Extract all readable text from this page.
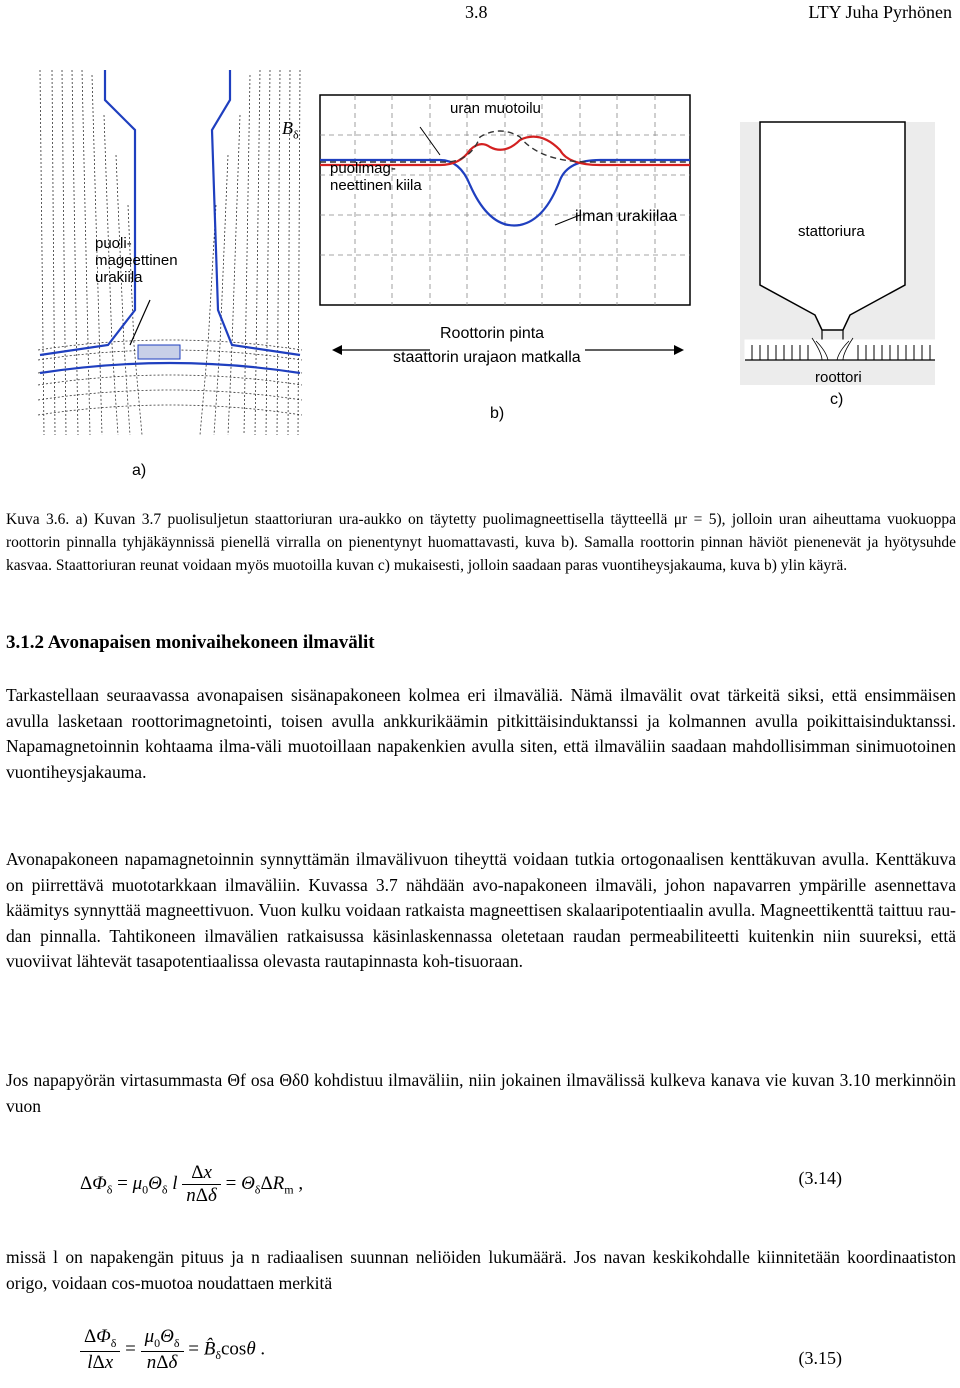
3.8	LTY Juha Pyrhönen
puoli-
mageettinen
urakiila
$B_\delta$
uran muotoilu
puolimag-
neettinen kiila
ilman urakiilaa
Roottorin pinta
staattorin urajaon matkalla
stattoriura
roottori
a)
b)
c)
Kuva 3.6. a) Kuvan 3.7 puolisuljetun staattoriuran ura-aukko on täytetty puolimagneettisella täytteellä μr = 5), jolloin uran aiheuttama vuokuoppa roottorin pinnalla tyhjäkäynnissä pienellä virralla on pienentynyt huomattavasti, kuva b). Samalla roottorin pinnan häviöt pienenevät ja hyötysuhde kasvaa. Staattoriuran reunat voidaan myös muotoilla kuvan c) mukaisesti, jolloin saadaan paras vuontiheysjakauma, kuva b) ylin käyrä.
3.1.2 Avonapaisen monivaihekoneen ilmavälit
Tarkastellaan seuraavassa avonapaisen sisänapakoneen kolmea eri ilmaväliä. Nämä ilmavälit ovat tärkeitä siksi, että ensimmäisen avulla lasketaan roottorimagnetointi, toisen avulla ankkurikäämin pitkittäisinduktanssi ja kolmannen avulla poikittaisinduktanssi. Napamagnetoinnin kohtaama ilma-väli muotoillaan napakenkien avulla siten, että ilmaväliin saadaan mahdollisimman sinimuotoinen vuontiheysjakauma.
Avonapakoneen napamagnetoinnin synnyttämän ilmavälivuon tiheyttä voidaan tutkia ortogonaalisen kenttäkuvan avulla. Kenttäkuva on piirrettävä muototarkkaan ilmaväliin. Kuvassa 3.7 nähdään avo-napakoneen ilmaväli, johon napavarren ympärille asennettava käämitys synnyttää magneettivuon. Vuon kulku voidaan ratkaista magneettisen skalaaripotentiaalin avulla. Magneettikenttä taittuu rau-dan pinnalla. Tahtikoneen ilmavälien ratkaisussa käsinlaskennassa oletetaan raudan permeabiliteetti kuitenkin niin suureksi, että vuoviivat lähtevät tasapotentiaalissa olevasta rautapinnasta koh-tisuoraan.
Jos napapyörän virtasummasta Θf osa Θδ0 kohdistuu ilmaväliin, niin jokainen ilmavälissä kulkeva kanava vie kuvan 3.10 merkinnöin vuon
$\Delta\Phi_\delta = \mu_0\Theta_\delta$ l $\frac{\Delta x}{\text{nΔδ}} = \Theta_\delta\Delta R_m$ ,	(3.14)
missä l on napakengän pituus ja n radiaalisen suunnan neliöiden lukumäärä. Jos navan keskikohdalle kiinnitetään koordinaatiston origo, voidaan cos-muotoa noudattaen merkitä
$\frac{\Delta\Phi_\delta}{\text{lΔx}} = \frac{\mu_0\Theta_\delta}{\text{nΔδ}}$ = $B̂_\delta\cos\theta$ .	(3.15)
